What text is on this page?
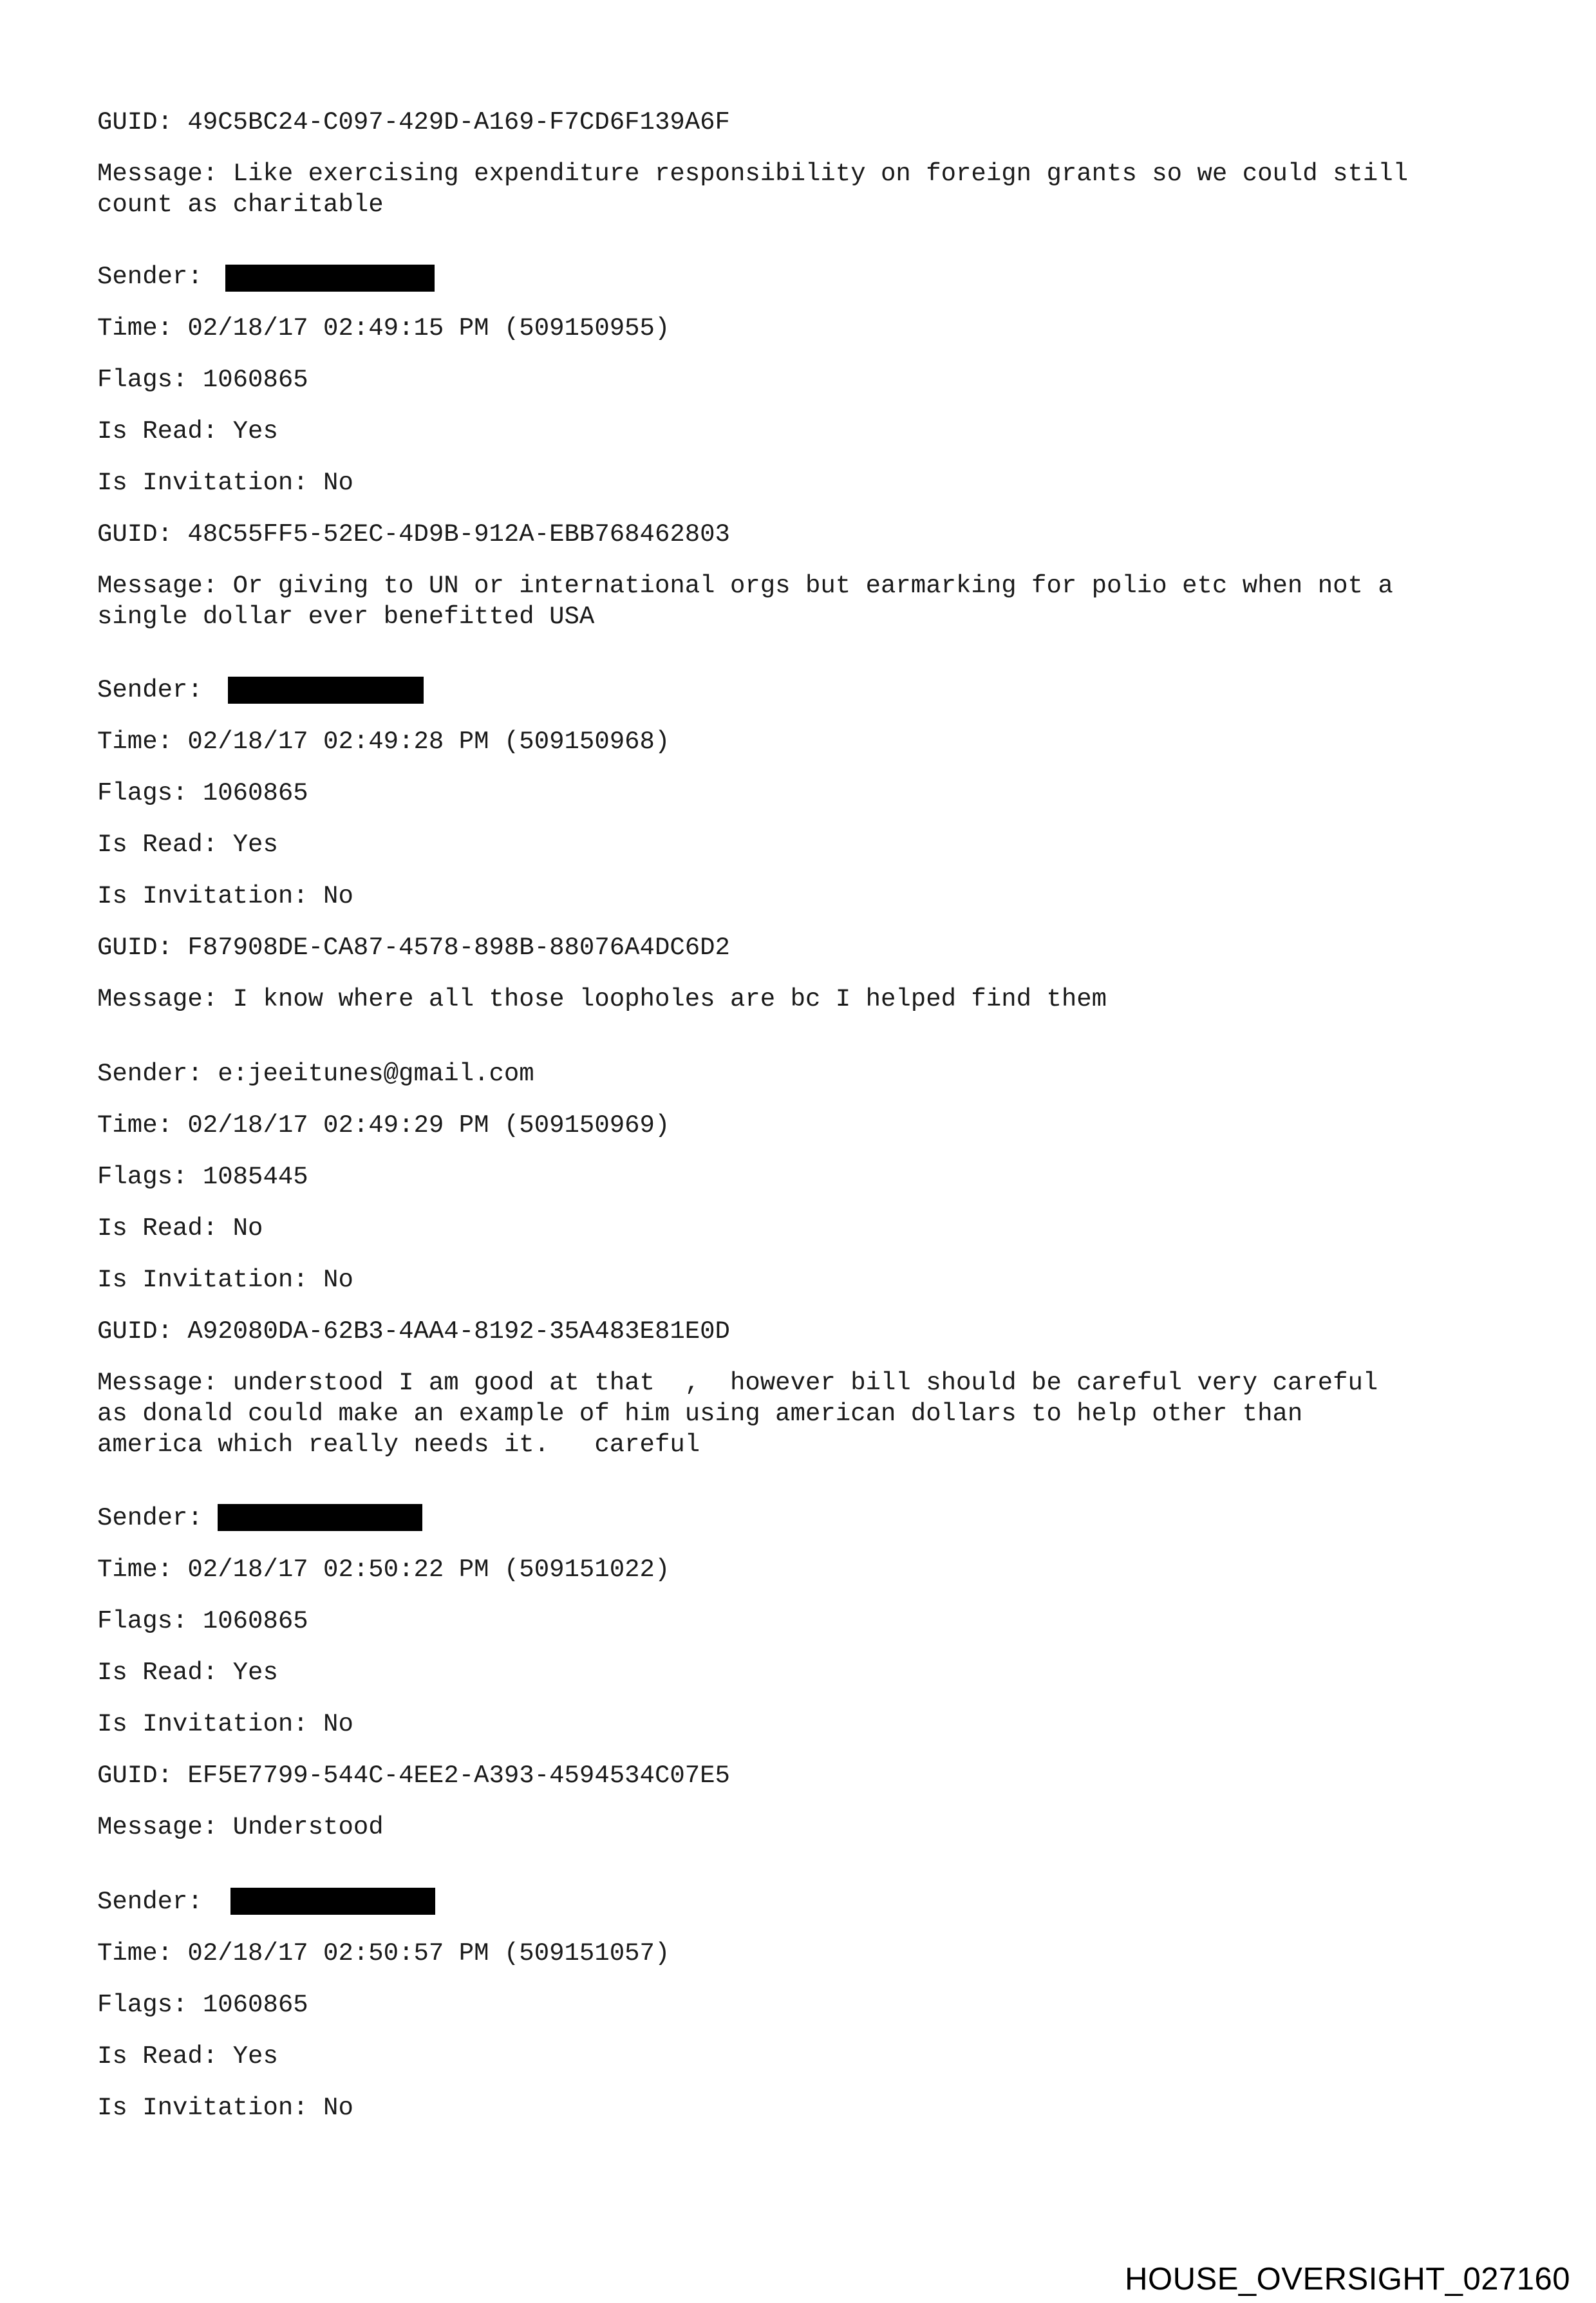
GUID: 49C5BC24-C097-429D-A169-F7CD6F139A6F
Message: Like exercising expenditure responsibility on foreign grants so we could still
count as charitable
Sender:
Time: 02/18/17 02:49:15 PM (509150955)
Flags: 1060865
Is Read: Yes
Is Invitation: No
GUID: 48C55FF5-52EC-4D9B-912A-EBB768462803
Message: Or giving to UN or international orgs but earmarking for polio etc when not a
single dollar ever benefitted USA
Sender:
Time: 02/18/17 02:49:28 PM (509150968)
Flags: 1060865
Is Read: Yes
Is Invitation: No
GUID: F87908DE-CA87-4578-898B-88076A4DC6D2
Message: I know where all those loopholes are bc I helped find them
Sender: e:jeeitunes@gmail.com
Time: 02/18/17 02:49:29 PM (509150969)
Flags: 1085445
Is Read: No
Is Invitation: No
GUID: A92080DA-62B3-4AA4-8192-35A483E81E0D
Message: understood I am good at that  ,  however bill should be careful very careful
as donald could make an example of him using american dollars to help other than
america which really needs it.   careful
Sender:
Time: 02/18/17 02:50:22 PM (509151022)
Flags: 1060865
Is Read: Yes
Is Invitation: No
GUID: EF5E7799-544C-4EE2-A393-4594534C07E5
Message: Understood
Sender:
Time: 02/18/17 02:50:57 PM (509151057)
Flags: 1060865
Is Read: Yes
Is Invitation: No
HOUSE_OVERSIGHT_027160
